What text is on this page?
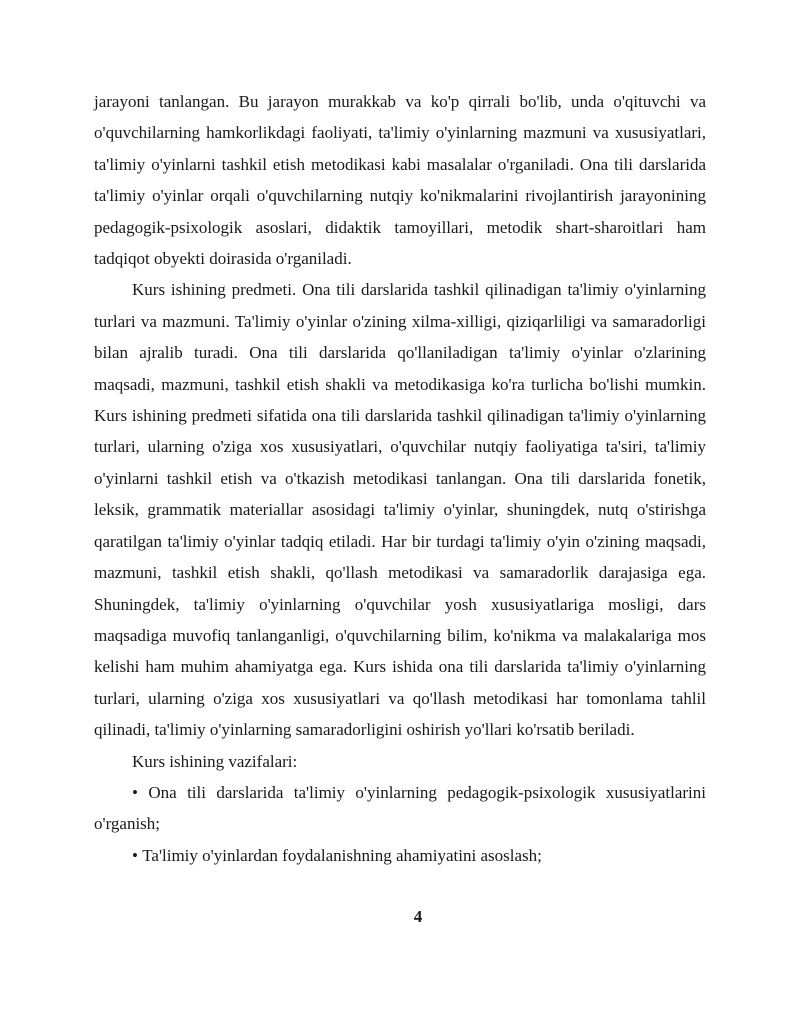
jarayoni tanlangan. Bu jarayon murakkab va ko'p qirrali bo'lib, unda o'qituvchi va o'quvchilarning hamkorlikdagi faoliyati, ta'limiy o'yinlarning mazmuni va xususiyatlari, ta'limiy o'yinlarni tashkil etish metodikasi kabi masalalar o'rganiladi. Ona tili darslarida ta'limiy o'yinlar orqali o'quvchilarning nutqiy ko'nikmalarini rivojlantirish jarayonining pedagogik-psixologik asoslari, didaktik tamoyillari, metodik shart-sharoitlari ham tadqiqot obyekti doirasida o'rganiladi.

Kurs ishining predmeti. Ona tili darslarida tashkil qilinadigan ta'limiy o'yinlarning turlari va mazmuni. Ta'limiy o'yinlar o'zining xilma-xilligi, qiziqarliligi va samaradorligi bilan ajralib turadi. Ona tili darslarida qo'llaniladigan ta'limiy o'yinlar o'zlarining maqsadi, mazmuni, tashkil etish shakli va metodikasiga ko'ra turlicha bo'lishi mumkin. Kurs ishining predmeti sifatida ona tili darslarida tashkil qilinadigan ta'limiy o'yinlarning turlari, ularning o'ziga xos xususiyatlari, o'quvchilar nutqiy faoliyatiga ta'siri, ta'limiy o'yinlarni tashkil etish va o'tkazish metodikasi tanlangan. Ona tili darslarida fonetik, leksik, grammatik materiallar asosidagi ta'limiy o'yinlar, shuningdek, nutq o'stirishga qaratilgan ta'limiy o'yinlar tadqiq etiladi. Har bir turdagi ta'limiy o'yin o'zining maqsadi, mazmuni, tashkil etish shakli, qo'llash metodikasi va samaradorlik darajasiga ega. Shuningdek, ta'limiy o'yinlarning o'quvchilar yosh xususiyatlariga mosligi, dars maqsadiga muvofiq tanlanganligi, o'quvchilarning bilim, ko'nikma va malakalariga mos kelishi ham muhim ahamiyatga ega. Kurs ishida ona tili darslarida ta'limiy o'yinlarning turlari, ularning o'ziga xos xususiyatlari va qo'llash metodikasi har tomonlama tahlil qilinadi, ta'limiy o'yinlarning samaradorligini oshirish yo'llari ko'rsatib beriladi.

Kurs ishining vazifalari:

• Ona tili darslarida ta'limiy o'yinlarning pedagogik-psixologik xususiyatlarini o'rganish;

• Ta'limiy o'yinlardan foydalanishning ahamiyatini asoslash;

4
